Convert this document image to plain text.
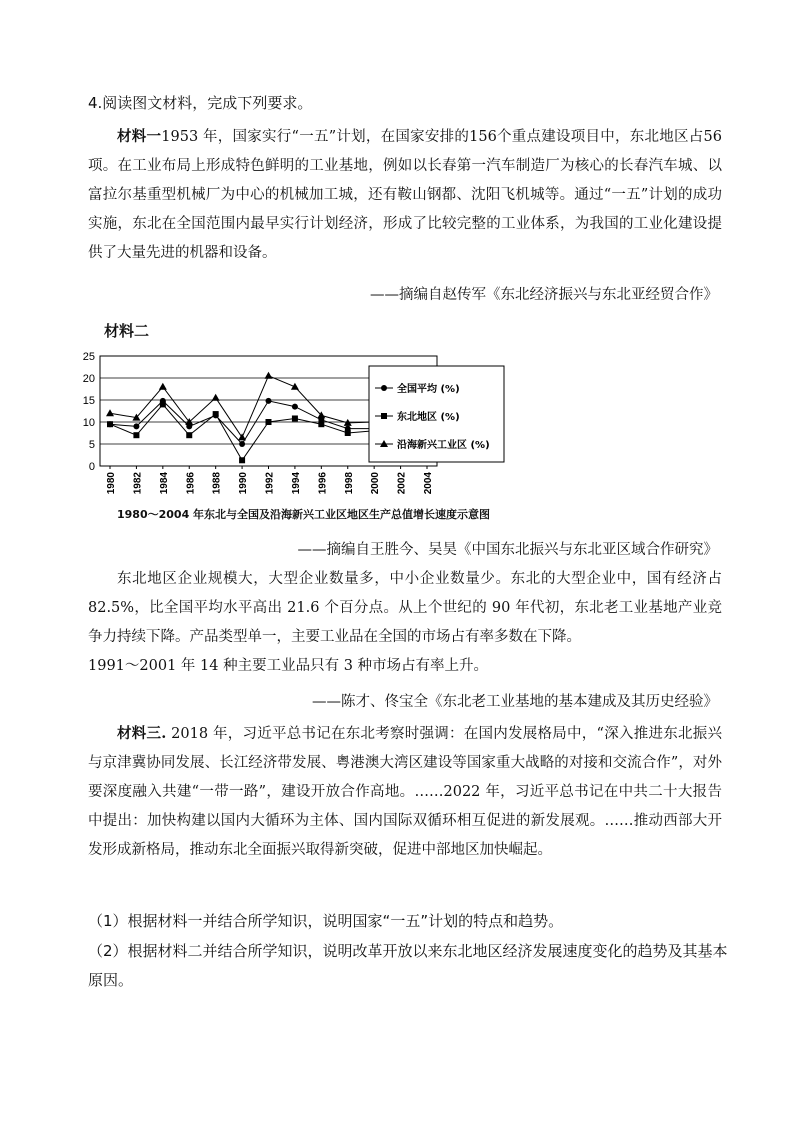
4.阅读图文材料，完成下列要求。
材料一1953 年，国家实行“一五”计划，在国家安排的156个重点建设项目中，东北地区占56项。在工业布局上形成特色鲜明的工业基地，例如以长春第一汽车制造厂为核心的长春汽车城、以富拉尔基重型机械厂为中心的机械加工城，还有鞍山钢都、沈阳飞机城等。通过“一五”计划的成功实施，东北在全国范围内最早实行计划经济，形成了比较完整的工业体系，为我国的工业化建设提供了大量先进的机器和设备。
——摘编自赵传军《东北经济振兴与东北亚经贸合作》
材料二
0
5
10
15
20
25
1980 1982 1984 1986 1988 1990 1992 1994 1996 1998 2000 2002 2004
全国平均 (%)
东北地区 (%)
沿海新兴工业区 (%)
1980～2004 年东北与全国及沿海新兴工业区地区生产总值增长速度示意图
——摘编自王胜今、吴昊《中国东北振兴与东北亚区域合作研究》
东北地区企业规模大，大型企业数量多，中小企业数量少。东北的大型企业中，国有经济占 82.5%，比全国平均水平高出 21.6 个百分点。从上个世纪的 90 年代初，东北老工业基地产业竞争力持续下降。产品类型单一，主要工业品在全国的市场占有率多数在下降。
1991～2001 年 14 种主要工业品只有 3 种市场占有率上升。
——陈才、佟宝全《东北老工业基地的基本建成及其历史经验》
材料三. 2018 年，习近平总书记在东北考察时强调：在国内发展格局中，“深入推进东北振兴与京津冀协同发展、长江经济带发展、粤港澳大湾区建设等国家重大战略的对接和交流合作”，对外要深度融入共建“一带一路”，建设开放合作高地。……2022 年，习近平总书记在中共二十大报告中提出：加快构建以国内大循环为主体、国内国际双循环相互促进的新发展观。……推动西部大开发形成新格局，推动东北全面振兴取得新突破，促进中部地区加快崛起。
（1）根据材料一并结合所学知识，说明国家“一五”计划的特点和趋势。
（2）根据材料二并结合所学知识，说明改革开放以来东北地区经济发展速度变化的趋势及其基本原因。
